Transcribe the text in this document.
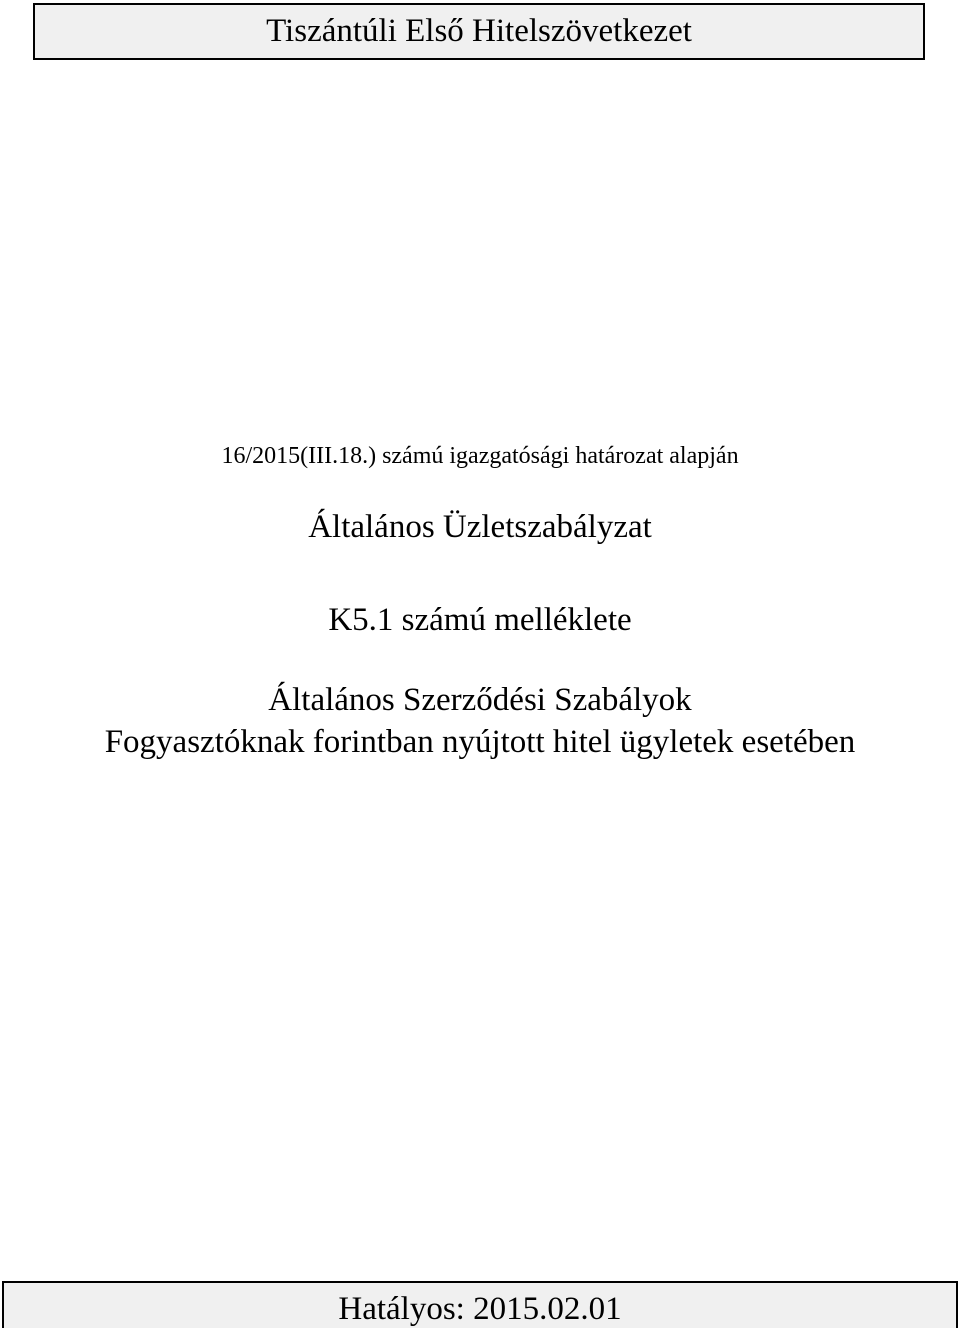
Tiszántúli Első Hitelszövetkezet
16/2015(III.18.) számú igazgatósági határozat alapján
Általános Üzletszabályzat
K5.1 számú melléklete
Általános Szerződési Szabályok
Fogyasztóknak forintban nyújtott hitel ügyletek esetében
Hatályos: 2015.02.01
